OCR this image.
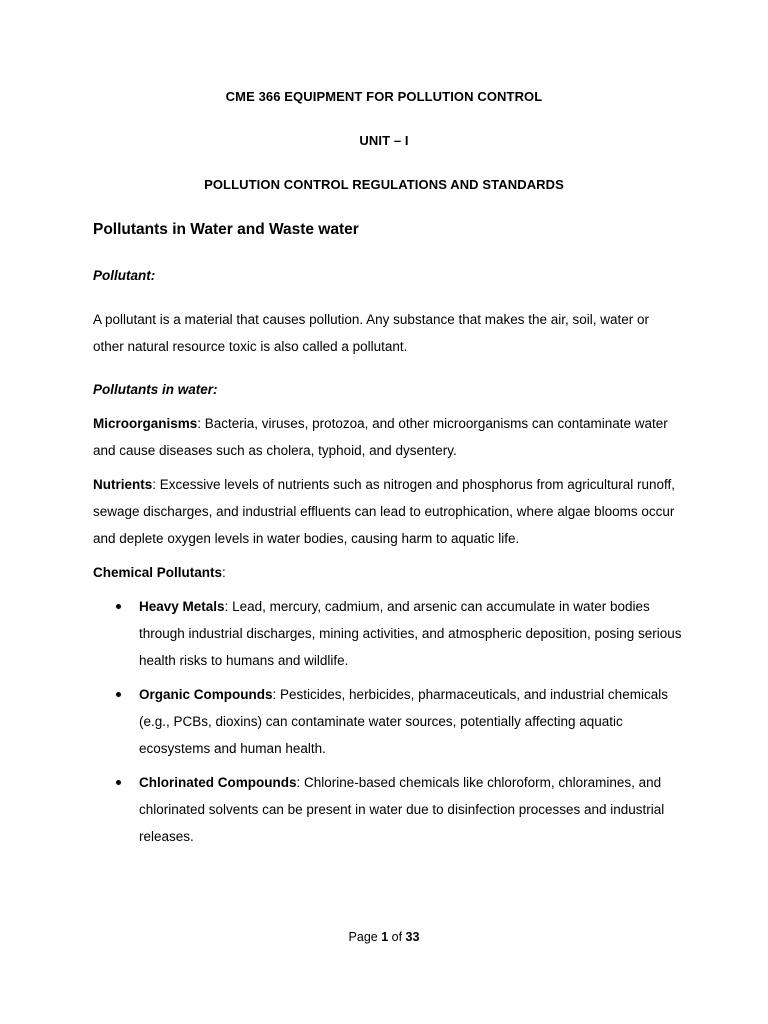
CME 366 EQUIPMENT FOR POLLUTION CONTROL
UNIT – I
POLLUTION CONTROL REGULATIONS AND STANDARDS
Pollutants in Water and Waste water
Pollutant:
A pollutant is a material that causes pollution. Any substance that makes the air, soil, water or other natural resource toxic is also called a pollutant.
Pollutants in water:
Microorganisms: Bacteria, viruses, protozoa, and other microorganisms can contaminate water and cause diseases such as cholera, typhoid, and dysentery.
Nutrients: Excessive levels of nutrients such as nitrogen and phosphorus from agricultural runoff, sewage discharges, and industrial effluents can lead to eutrophication, where algae blooms occur and deplete oxygen levels in water bodies, causing harm to aquatic life.
Chemical Pollutants:
Heavy Metals: Lead, mercury, cadmium, and arsenic can accumulate in water bodies through industrial discharges, mining activities, and atmospheric deposition, posing serious health risks to humans and wildlife.
Organic Compounds: Pesticides, herbicides, pharmaceuticals, and industrial chemicals (e.g., PCBs, dioxins) can contaminate water sources, potentially affecting aquatic ecosystems and human health.
Chlorinated Compounds: Chlorine-based chemicals like chloroform, chloramines, and chlorinated solvents can be present in water due to disinfection processes and industrial releases.
Page 1 of 33
